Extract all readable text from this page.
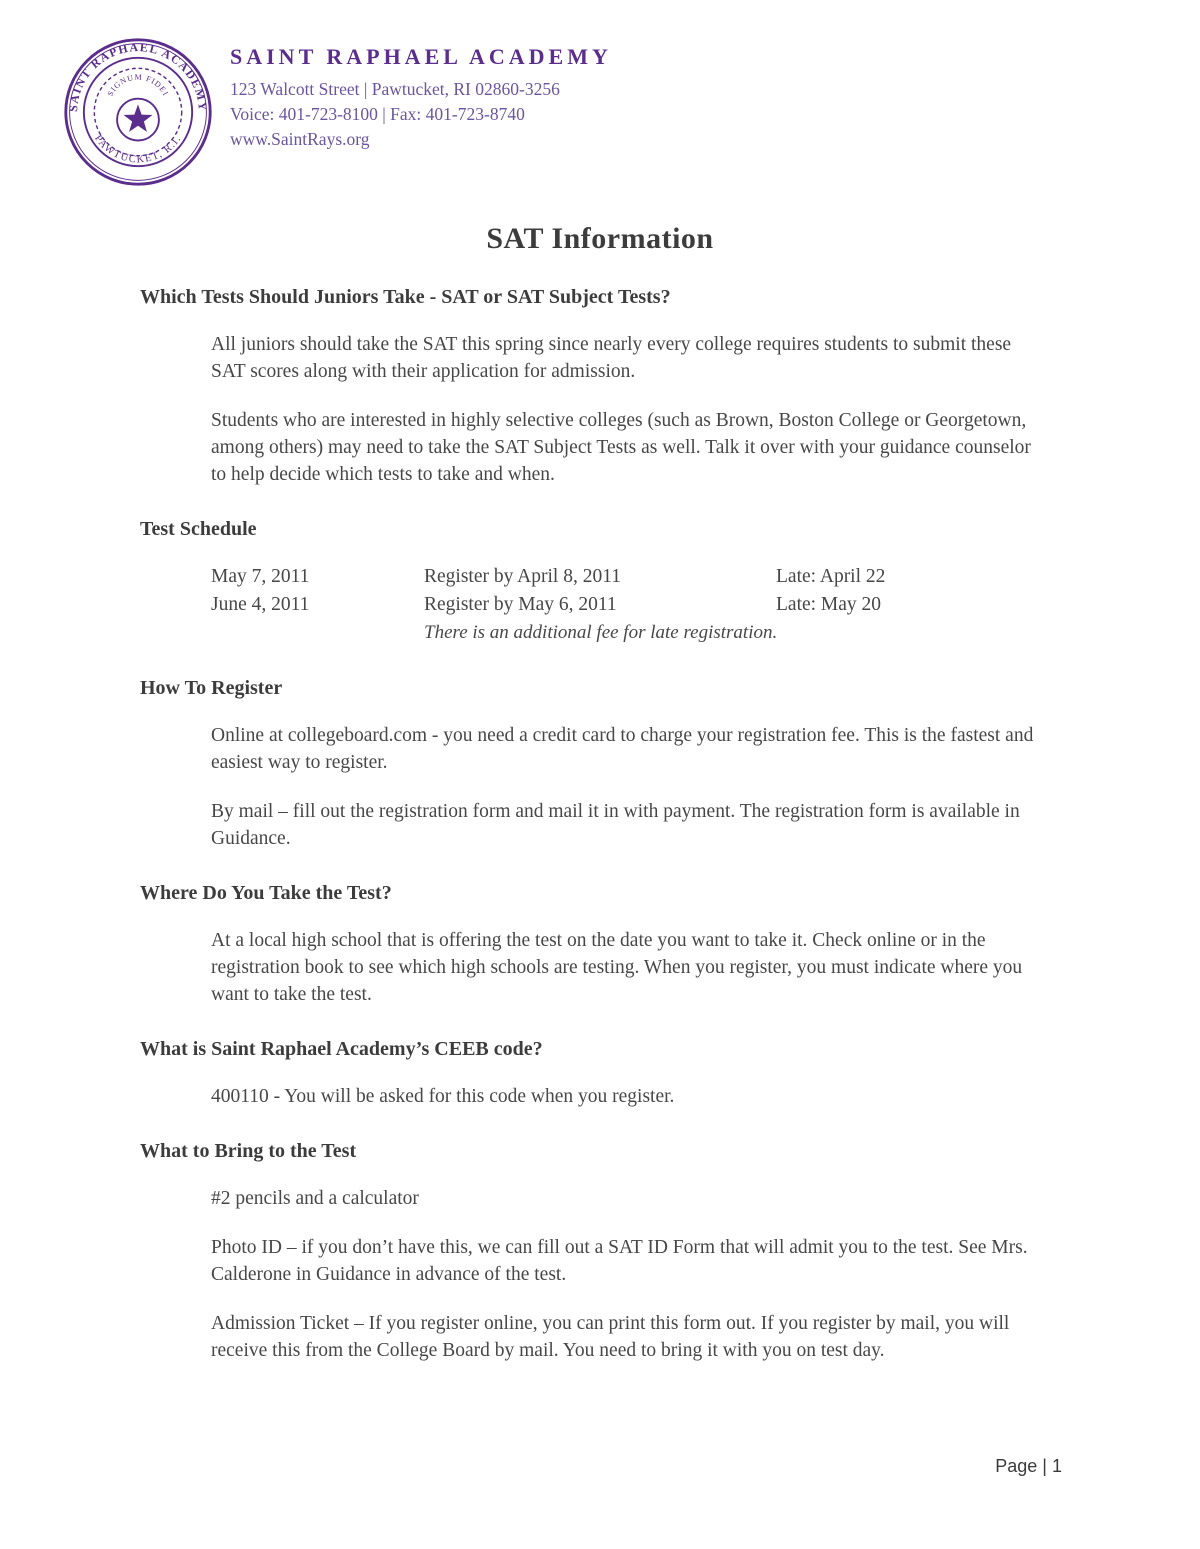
SAINT RAPHAEL ACADEMY
PAWTUCKET, R.I.
SIGNUM FIDEI
SAINT RAPHAEL ACADEMY
123 Walcott Street | Pawtucket, RI 02860-3256
Voice: 401-723-8100 | Fax: 401-723-8740
www.SaintRays.org
SAT Information
Which Tests Should Juniors Take - SAT or SAT Subject Tests?

All juniors should take the SAT this spring since nearly every college requires students to submit these SAT scores along with their application for admission.

Students who are interested in highly selective colleges (such as Brown, Boston College or Georgetown, among others) may need to take the SAT Subject Tests as well. Talk it over with your guidance counselor to help decide which tests to take and when.

Test Schedule
May 7, 2011	Register by April 8, 2011	Late: April 22
June 4, 2011	Register by May 6, 2011	Late: May 20
There is an additional fee for late registration.
How To Register

Online at collegeboard.com - you need a credit card to charge your registration fee. This is the fastest and easiest way to register.

By mail – fill out the registration form and mail it in with payment. The registration form is available in Guidance.

Where Do You Take the Test?

At a local high school that is offering the test on the date you want to take it. Check online or in the registration book to see which high schools are testing. When you register, you must indicate where you want to take the test.

What is Saint Raphael Academy’s CEEB code?

400110 - You will be asked for this code when you register.

What to Bring to the Test

#2 pencils and a calculator

Photo ID – if you don’t have this, we can fill out a SAT ID Form that will admit you to the test. See Mrs. Calderone in Guidance in advance of the test.

Admission Ticket – If you register online, you can print this form out. If you register by mail, you will receive this from the College Board by mail. You need to bring it with you on test day.

Page | 1
